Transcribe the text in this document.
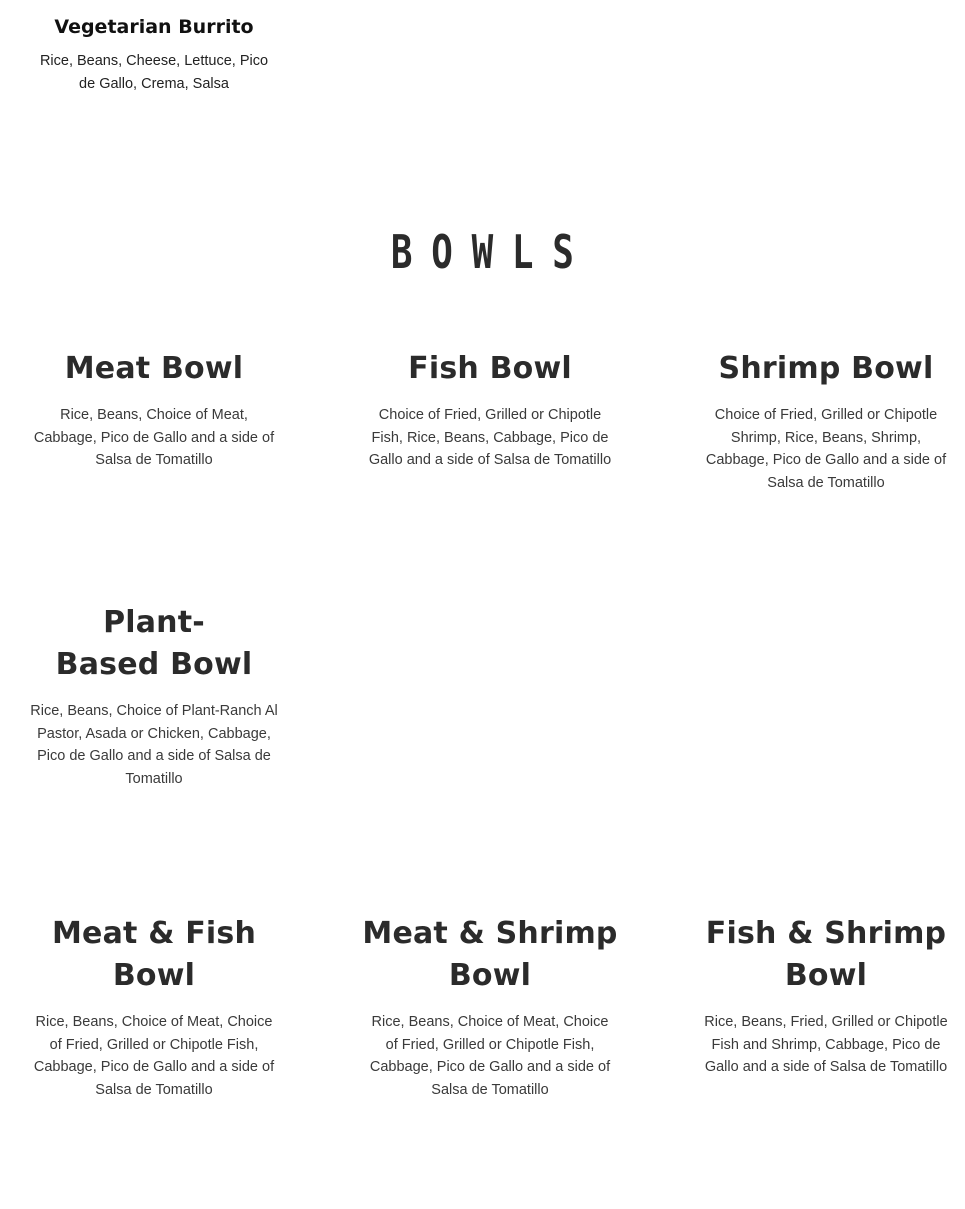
Vegetarian Burrito

Rice, Beans, Cheese, Lettuce, Pico de Gallo, Crema, Salsa

BOWLS
Meat Bowl

Rice, Beans, Choice of Meat, Cabbage, Pico de Gallo and a side of Salsa de Tomatillo

Fish Bowl

Choice of Fried, Grilled or Chipotle Fish, Rice, Beans, Cabbage, Pico de Gallo and a side of Salsa de Tomatillo

Shrimp Bowl

Choice of Fried, Grilled or Chipotle Shrimp, Rice, Beans, Shrimp, Cabbage, Pico de Gallo and a side of Salsa de Tomatillo

Plant-Based Bowl

Rice, Beans, Choice of Plant-Ranch Al Pastor, Asada or Chicken, Cabbage, Pico de Gallo and a side of Salsa de Tomatillo

Meat & Fish Bowl

Rice, Beans, Choice of Meat, Choice of Fried, Grilled or Chipotle Fish, Cabbage, Pico de Gallo and a side of Salsa de Tomatillo

Meat & Shrimp Bowl

Rice, Beans, Choice of Meat, Choice of Fried, Grilled or Chipotle Fish, Cabbage, Pico de Gallo and a side of Salsa de Tomatillo

Fish & Shrimp Bowl

Rice, Beans, Fried, Grilled or Chipotle Fish and Shrimp, Cabbage, Pico de Gallo and a side of Salsa de Tomatillo
